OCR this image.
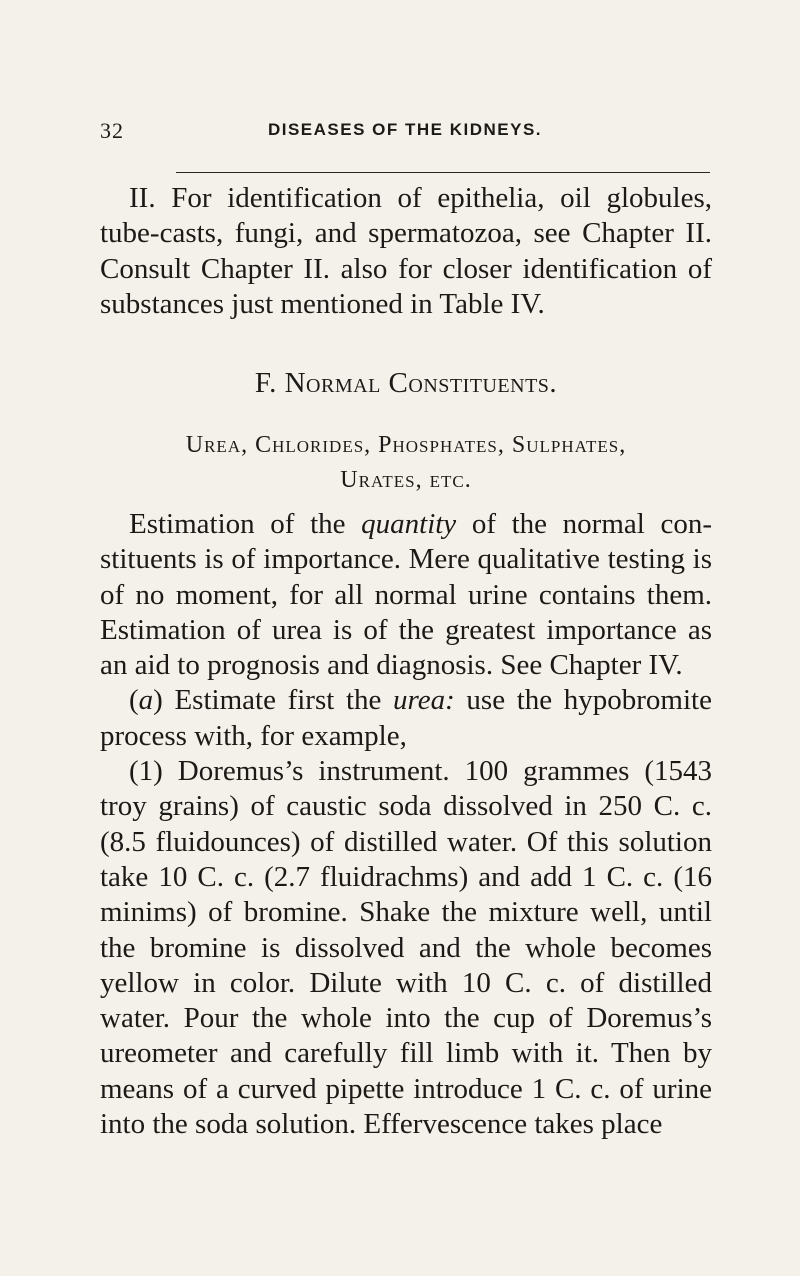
32	DISEASES OF THE KIDNEYS.

II. For identification of epithelia, oil globules, tube-casts, fungi, and spermatozoa, see Chapter II. Consult Chapter II. also for closer identification of substances just mentioned in Table IV.

F. Normal Constituents.
Urea, Chlorides, Phosphates, Sulphates,
Urates, etc.

Estimation of the quantity of the normal constituents is of importance. Mere qualitative testing is of no moment, for all normal urine contains them. Estimation of urea is of the greatest importance as an aid to prognosis and diagnosis. See Chapter IV.

(a) Estimate first the urea: use the hypobromite process with, for example,

(1) Doremus’s instrument. 100 grammes (1543 troy grains) of caustic soda dissolved in 250 C. c. (8.5 fluidounces) of distilled water. Of this solution take 10 C. c. (2.7 fluidrachms) and add 1 C. c. (16 minims) of bromine. Shake the mixture well, until the bromine is dissolved and the whole becomes yellow in color. Dilute with 10 C. c. of distilled water. Pour the whole into the cup of Doremus’s ureometer and carefully fill limb with it. Then by means of a curved pipette introduce 1 C. c. of urine into the soda solution. Effervescence takes place
